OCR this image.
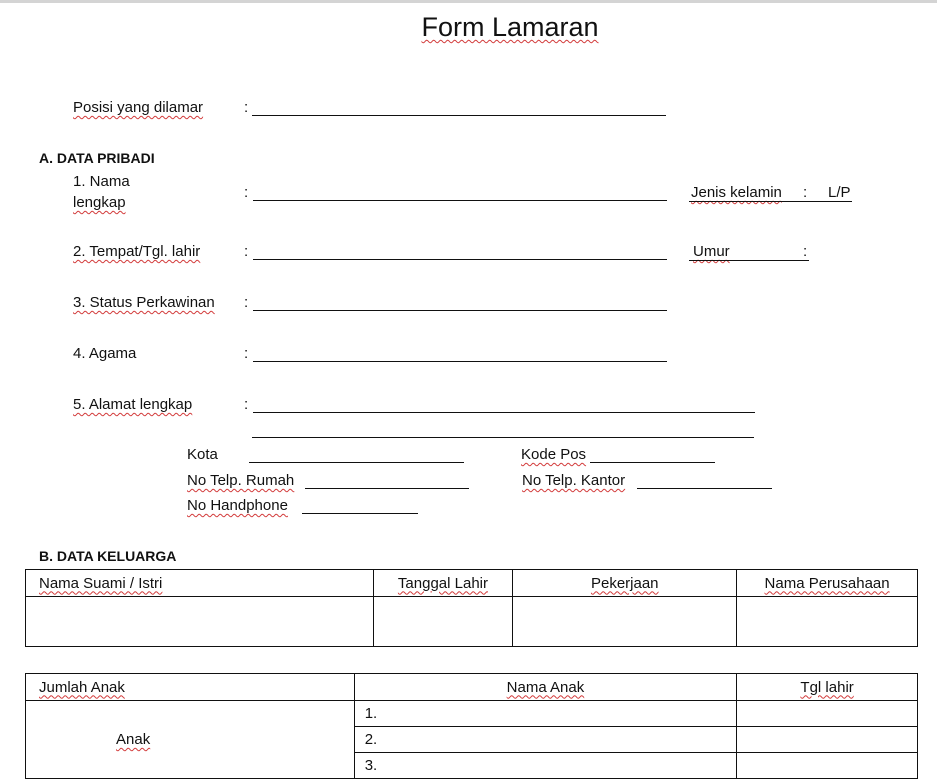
Form Lamaran
Posisi yang dilamar	:
A. DATA PRIBADI
1. Nama
lengkap
:	Jenis kelamin : L/P
2. Tempat/Tgl. lahir	:	Umur	:
3. Status Perkawinan :
4. Agama	:
5. Alamat lengkap	:
Kota	Kode Pos
No Telp. Rumah	No Telp. Kantor
No Handphone
B. DATA KELUARGA
Nama Suami / Istri	Tanggal Lahir	Pekerjaan	Nama Perusahaan

Jumlah Anak	Nama Anak	Tgl lahir
Anak	1.	
	2.	
	3.	
